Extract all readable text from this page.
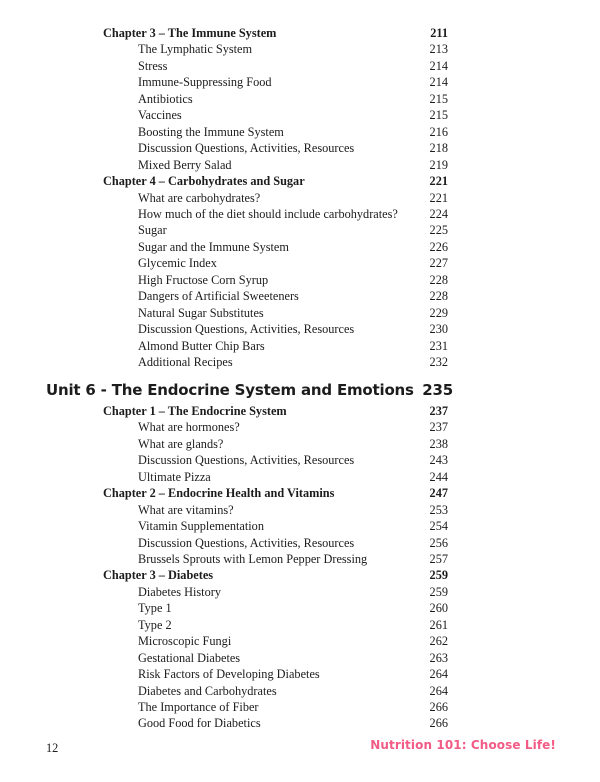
Chapter 3 – The Immune System	211
The Lymphatic System	213
Stress	214
Immune-Suppressing Food	214
Antibiotics	215
Vaccines	215
Boosting the Immune System	216
Discussion Questions, Activities, Resources	218
Mixed Berry Salad	219
Chapter 4 – Carbohydrates and Sugar	221
What are carbohydrates?	221
How much of the diet should include carbohydrates?	224
Sugar	225
Sugar and the Immune System	226
Glycemic Index	227
High Fructose Corn Syrup	228
Dangers of Artificial Sweeteners	228
Natural Sugar Substitutes	229
Discussion Questions, Activities, Resources	230
Almond Butter Chip Bars	231
Additional Recipes	232
Unit 6 - The Endocrine System and Emotions 235
Chapter 1 – The Endocrine System	237
What are hormones?	237
What are glands?	238
Discussion Questions, Activities, Resources	243
Ultimate Pizza	244
Chapter 2 – Endocrine Health and Vitamins	247
What are vitamins?	253
Vitamin Supplementation	254
Discussion Questions, Activities, Resources	256
Brussels Sprouts with Lemon Pepper Dressing	257
Chapter 3 – Diabetes	259
Diabetes History	259
Type 1	260
Type 2	261
Microscopic Fungi	262
Gestational Diabetes	263
Risk Factors of Developing Diabetes	264
Diabetes and Carbohydrates	264
The Importance of Fiber	266
Good Food for Diabetics	266
12	Nutrition 101: Choose Life!
